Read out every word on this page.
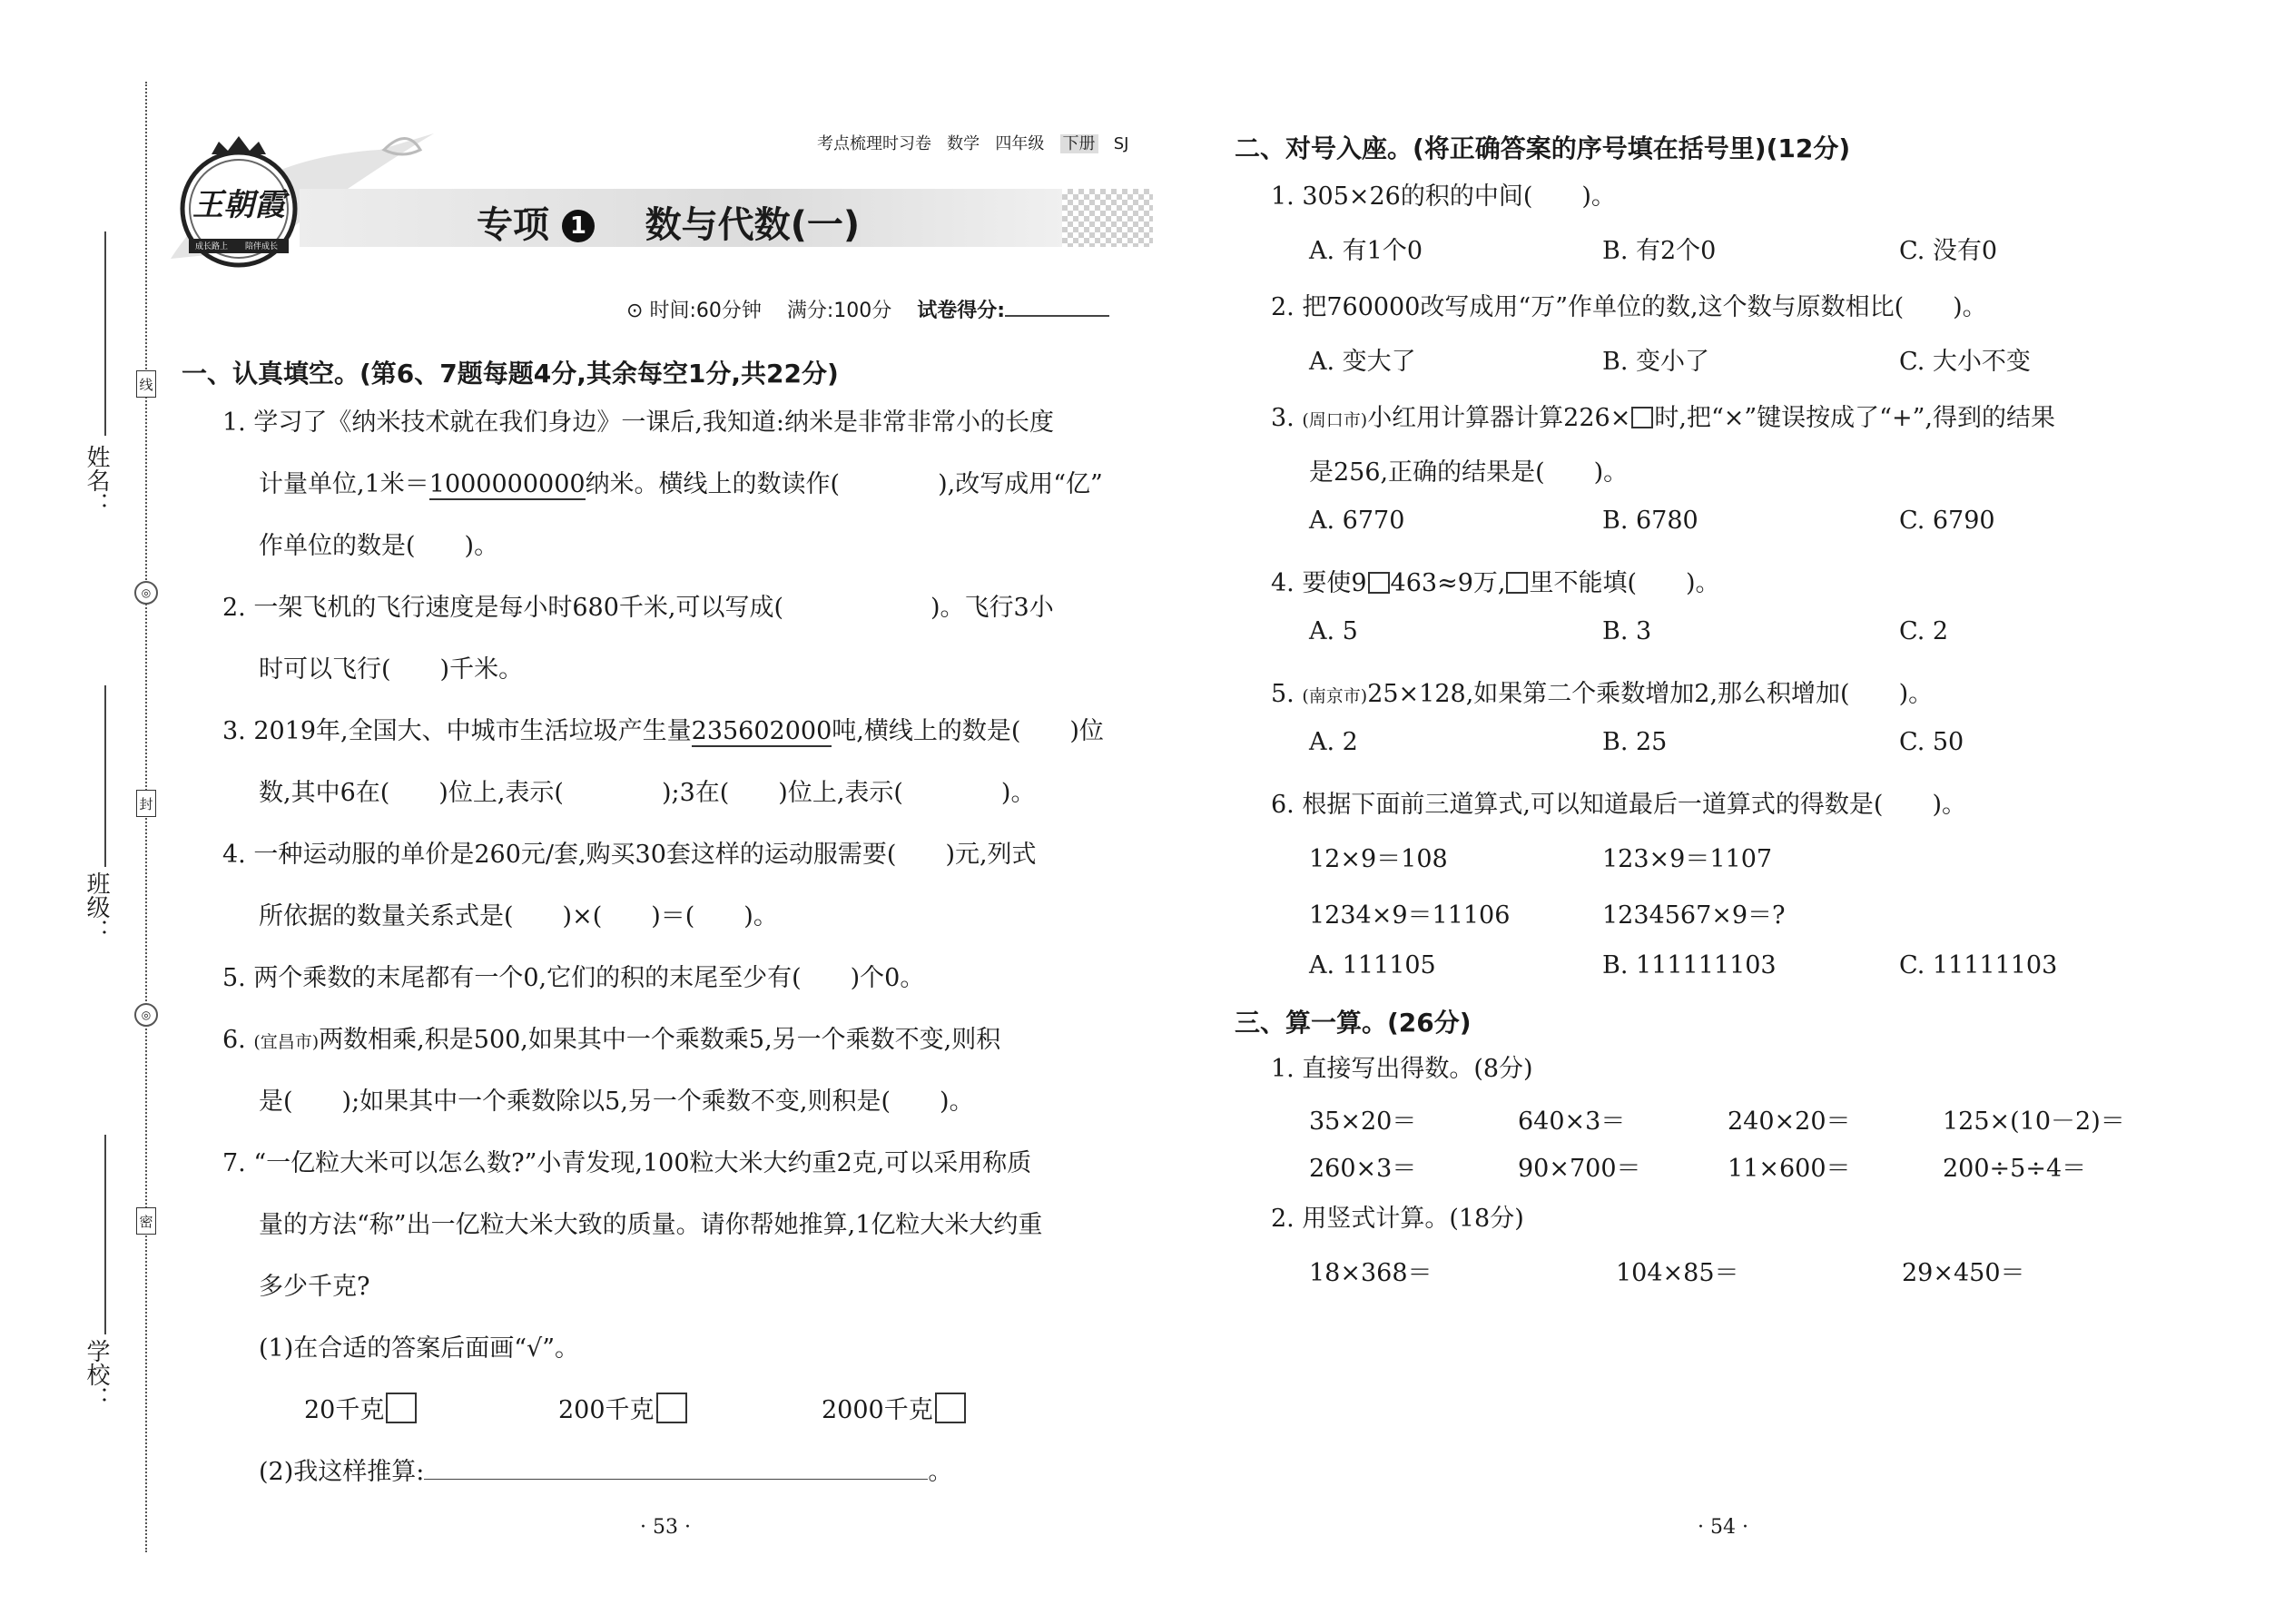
姓名：
班级：
学校：
线
封
密
◎
◎
考点梳理时习卷 数学 四年级 下册 SJ
王朝霞
成长路上 陪伴成长
专项 1 数与代数(一)
⊙ 时间:60分钟 满分:100分 试卷得分:
一、认真填空。(第6、7题每题4分,其余每空1分,共22分)
1. 学习了《纳米技术就在我们身边》一课后,我知道:纳米是非常非常小的长度
计量单位,1米＝1000000000纳米。横线上的数读作(　　　　),改写成用“亿”
作单位的数是(　　)。
2. 一架飞机的飞行速度是每小时680千米,可以写成(　　　　　　)。飞行3小
时可以飞行(　　)千米。
3. 2019年,全国大、中城市生活垃圾产生量235602000吨,横线上的数是(　　)位
数,其中6在(　　)位上,表示(　　　　);3在(　　)位上,表示(　　　　)。
4. 一种运动服的单价是260元/套,购买30套这样的运动服需要(　　)元,列式
所依据的数量关系式是(　　)×(　　)＝(　　)。
5. 两个乘数的末尾都有一个0,它们的积的末尾至少有(　　)个0。
6. (宜昌市)两数相乘,积是500,如果其中一个乘数乘5,另一个乘数不变,则积
是(　　);如果其中一个乘数除以5,另一个乘数不变,则积是(　　)。
7. “一亿粒大米可以怎么数?”小青发现,100粒大米大约重2克,可以采用称质
量的方法“称”出一亿粒大米大致的质量。请你帮她推算,1亿粒大米大约重
多少千克?
(1)在合适的答案后面画“√”。
20千克	200千克	2000千克
(2)我这样推算:	。
· 53 ·
二、对号入座。(将正确答案的序号填在括号里)(12分)
1. 305×26的积的中间(　　)。
A. 有1个0	B. 有2个0	C. 没有0
2. 把760000改写成用“万”作单位的数,这个数与原数相比(　　)。
A. 变大了	B. 变小了	C. 大小不变
3. (周口市)小红用计算器计算226× 时,把“×”键误按成了“+”,得到的结果
是256,正确的结果是(　　)。
A. 6770	B. 6780	C. 6790
4. 要使9 463≈9万, 里不能填(　　)。
A. 5	B. 3	C. 2
5. (南京市)25×128,如果第二个乘数增加2,那么积增加(　　)。
A. 2	B. 25	C. 50
6. 根据下面前三道算式,可以知道最后一道算式的得数是(　　)。
12×9＝108	123×9＝1107
1234×9＝11106	1234567×9＝?
A. 111105	B. 111111103	C. 11111103
三、算一算。(26分)
1. 直接写出得数。(8分)
35×20＝	640×3＝	240×20＝	125×(10－2)＝
260×3＝	90×700＝	11×600＝	200÷5÷4＝
2. 用竖式计算。(18分)
18×368＝	104×85＝	29×450＝
· 54 ·
